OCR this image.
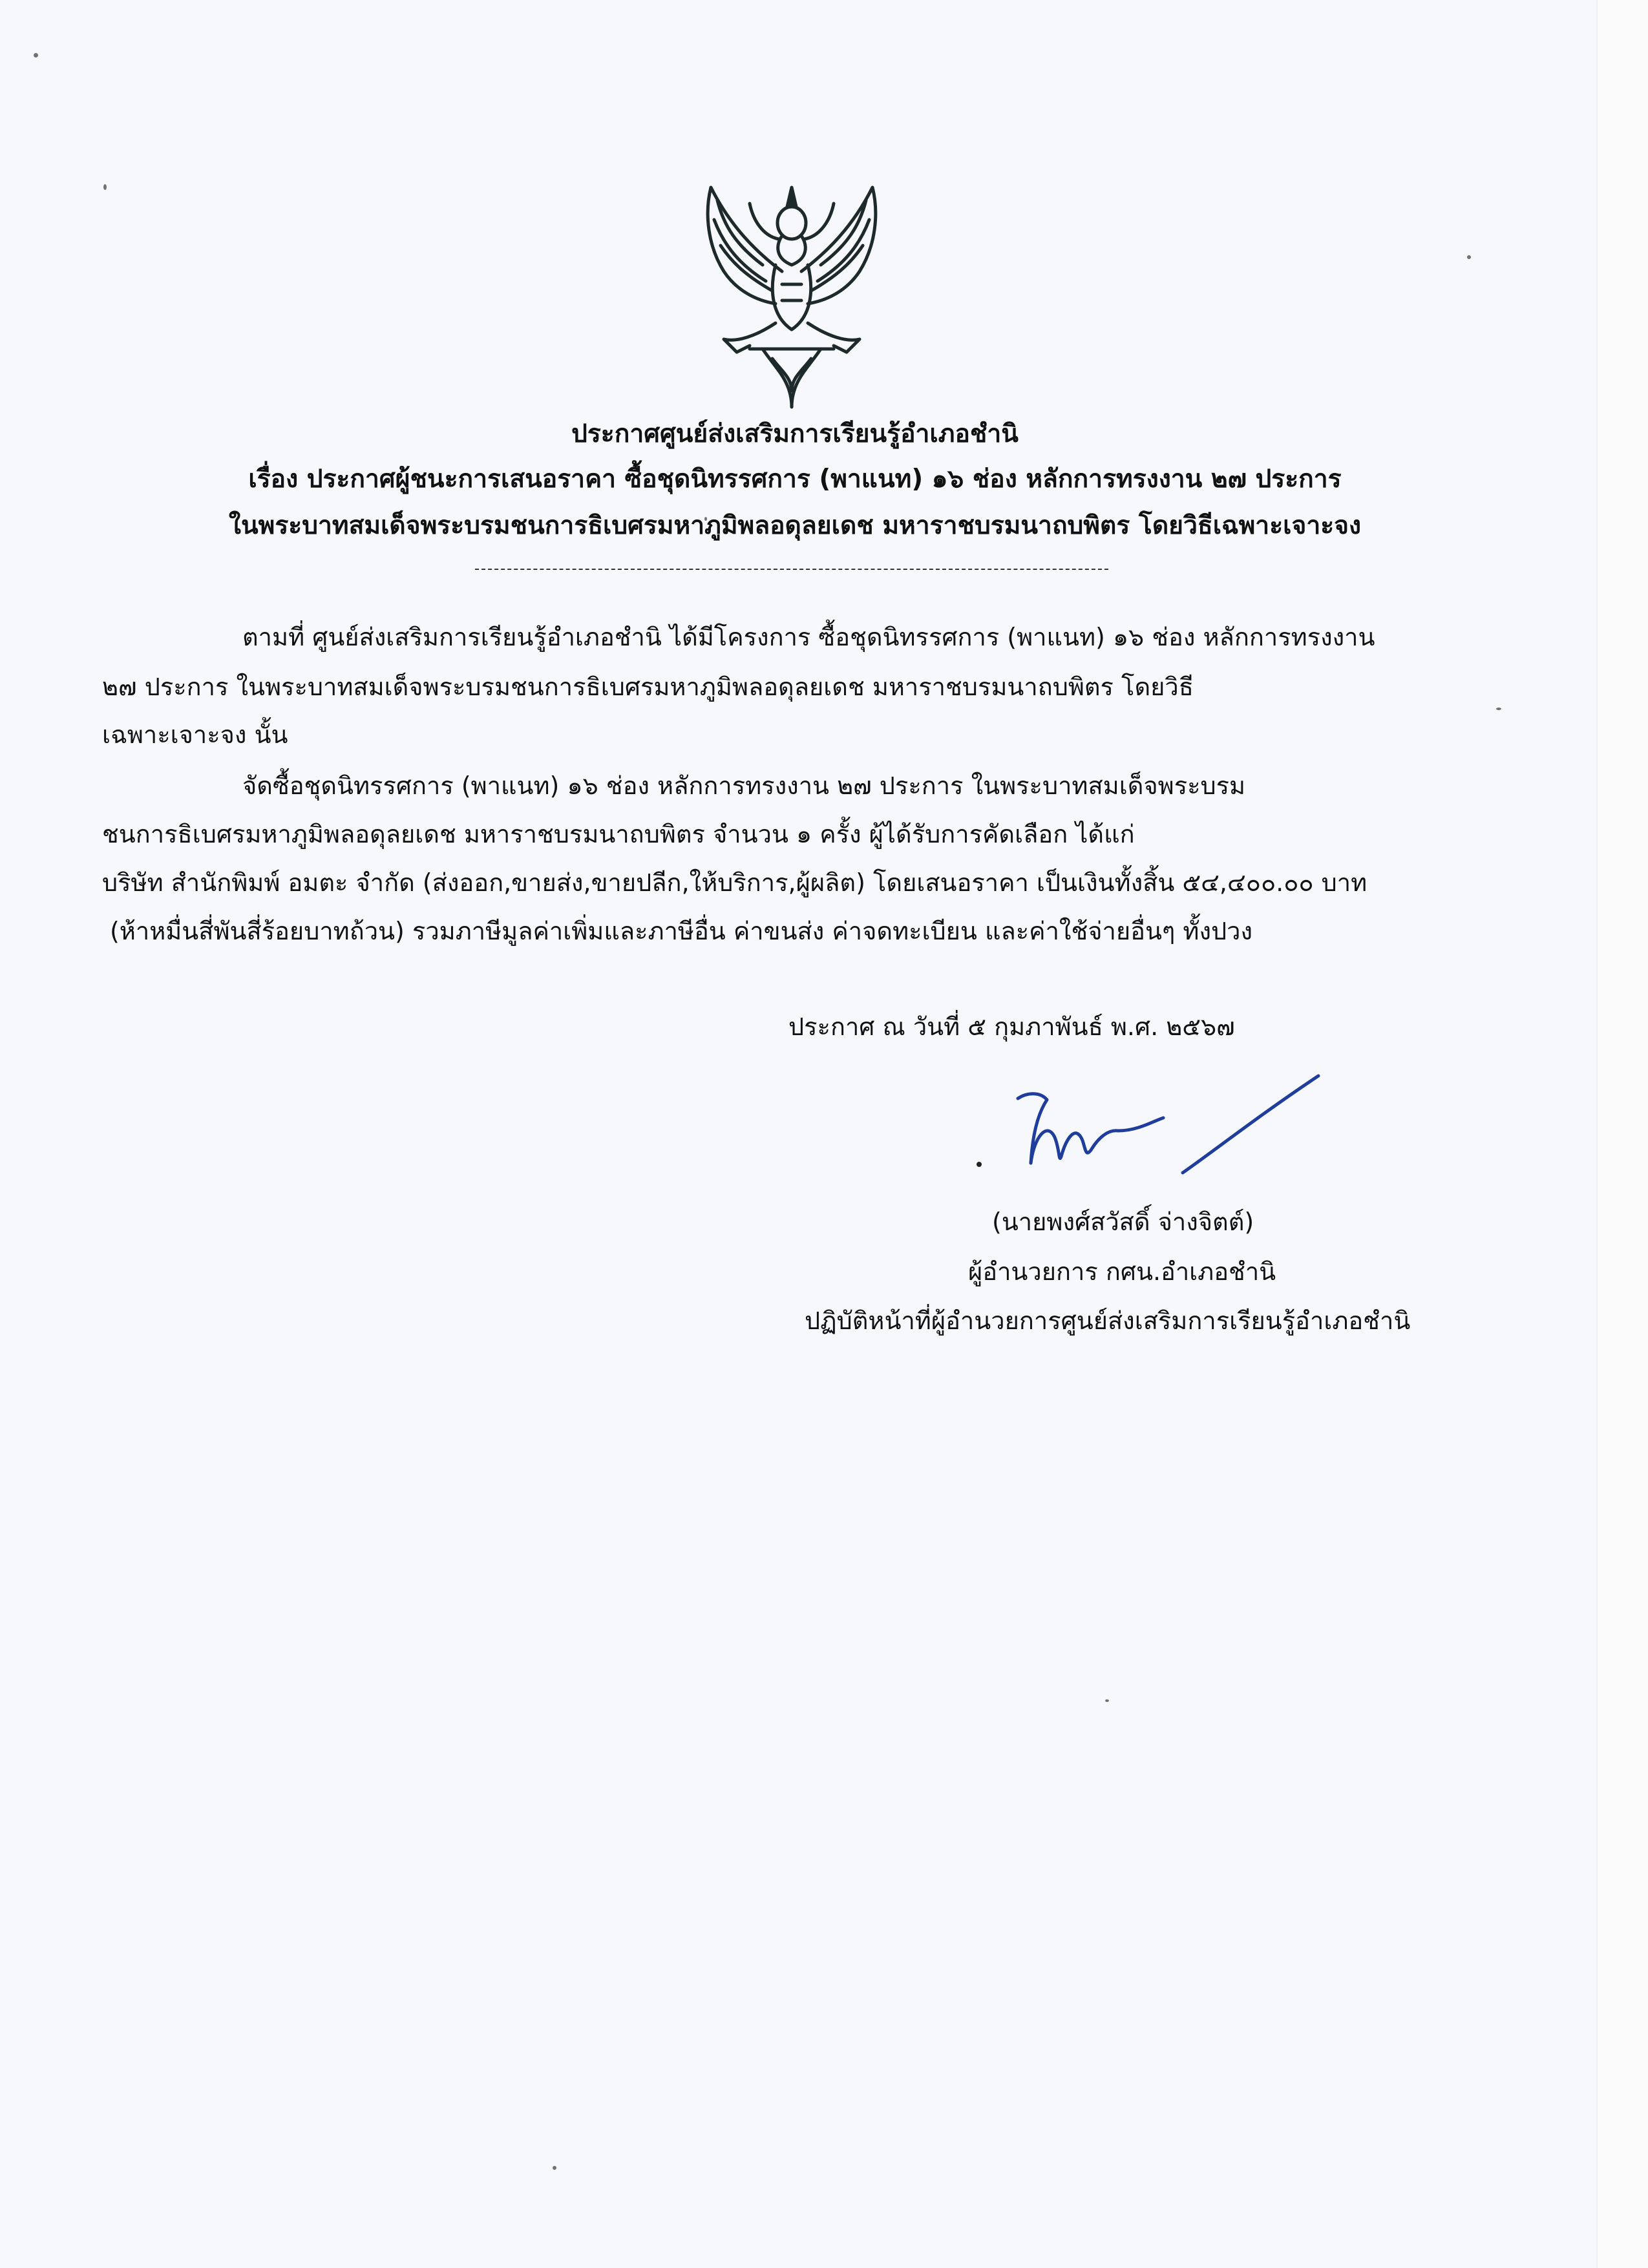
ประกาศศูนย์ส่งเสริมการเรียนรู้อำเภอชำนิ
เรื่อง ประกาศผู้ชนะการเสนอราคา ซื้อชุดนิทรรศการ (พาแนท) ๑๖ ช่อง หลักการทรงงาน ๒๗ ประการ
ในพระบาทสมเด็จพระบรมชนการธิเบศรมหาภูมิพลอดุลยเดช มหาราชบรมนาถบพิตร โดยวิธีเฉพาะเจาะจง
ตามที่ ศูนย์ส่งเสริมการเรียนรู้อำเภอชำนิ ได้มีโครงการ ซื้อชุดนิทรรศการ (พาแนท) ๑๖ ช่อง หลักการทรงงาน
๒๗ ประการ ในพระบาทสมเด็จพระบรมชนการธิเบศรมหาภูมิพลอดุลยเดช มหาราชบรมนาถบพิตร โดยวิธี
เฉพาะเจาะจง นั้น
จัดซื้อชุดนิทรรศการ (พาแนท) ๑๖ ช่อง หลักการทรงงาน ๒๗ ประการ ในพระบาทสมเด็จพระบรม
ชนการธิเบศรมหาภูมิพลอดุลยเดช มหาราชบรมนาถบพิตร จำนวน ๑ ครั้ง ผู้ได้รับการคัดเลือก ได้แก่
บริษัท สำนักพิมพ์ อมตะ จำกัด (ส่งออก,ขายส่ง,ขายปลีก,ให้บริการ,ผู้ผลิต) โดยเสนอราคา เป็นเงินทั้งสิ้น ๕๔,๔๐๐.๐๐ บาท
(ห้าหมื่นสี่พันสี่ร้อยบาทถ้วน) รวมภาษีมูลค่าเพิ่มและภาษีอื่น ค่าขนส่ง ค่าจดทะเบียน และค่าใช้จ่ายอื่นๆ ทั้งปวง
ประกาศ ณ วันที่ ๕ กุมภาพันธ์ พ.ศ. ๒๕๖๗
(นายพงศ์สวัสดิ์ จ่างจิตต์)
ผู้อำนวยการ กศน.อำเภอชำนิ
ปฏิบัติหน้าที่ผู้อำนวยการศูนย์ส่งเสริมการเรียนรู้อำเภอชำนิ
